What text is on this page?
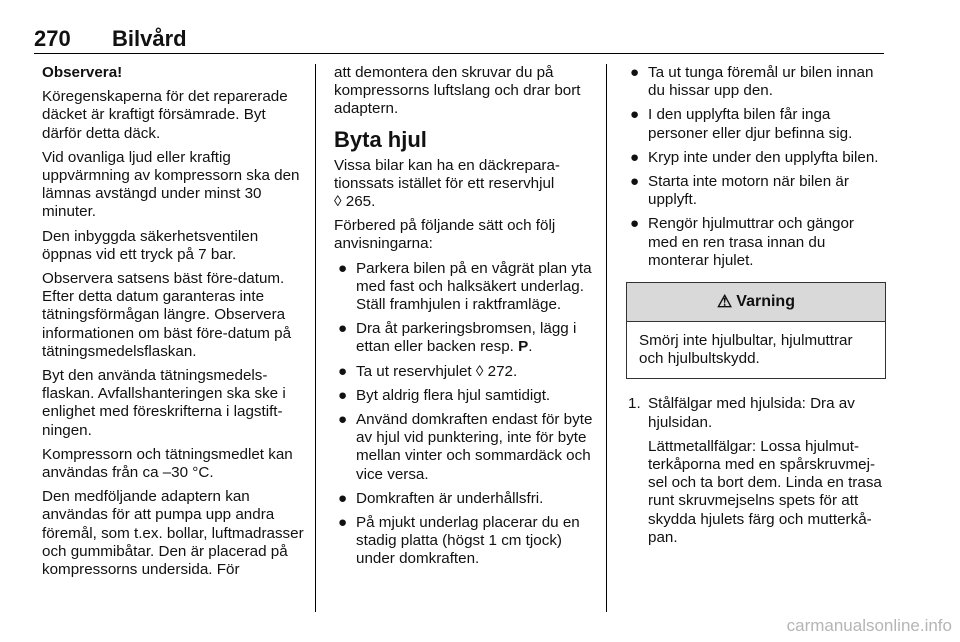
270 Bilvård

Observera!

Köregenskaperna för det reparerade däcket är kraftigt försämrade. Byt därför detta däck.

Vid ovanliga ljud eller kraftig uppvärmning av kompressorn ska den lämnas avstängd under minst 30 minuter.

Den inbyggda säkerhetsventilen öppnas vid ett tryck på 7 bar.

Observera satsens bäst före-datum. Efter detta datum garanteras inte tätningsförmågan längre. Observera informationen om bäst före-datum på tätningsmedelsflaskan.

Byt den använda tätningsmedelsflaskan. Avfallshanteringen ska ske i enlighet med föreskrifterna i lagstiftningen.

Kompressorn och tätningsmedlet kan användas från ca –30 °C.

Den medföljande adaptern kan användas för att pumpa upp andra föremål, som t.ex. bollar, luftmadrasser och gummibåtar. Den är placerad på kompressorns undersida. För

att demontera den skruvar du på kompressorns luftslang och drar bort adaptern.

Byta hjul

Vissa bilar kan ha en däckreparationssats istället för ett reservhjul
◊ 265.

Förbered på följande sätt och följ anvisningarna:

● Parkera bilen på en vågrät plan yta med fast och halksäkert underlag. Ställ framhjulen i raktframläge.
● Dra åt parkeringsbromsen, lägg i ettan eller backen resp. P.
● Ta ut reservhjulet ◊ 272.
● Byt aldrig flera hjul samtidigt.
● Använd domkraften endast för byte av hjul vid punktering, inte för byte mellan vinter och sommardäck och vice versa.
● Domkraften är underhållsfri.
● På mjukt underlag placerar du en stadig platta (högst 1 cm tjock) under domkraften.
● Ta ut tunga föremål ur bilen innan du hissar upp den.
● I den upplyfta bilen får inga personer eller djur befinna sig.
● Kryp inte under den upplyfta bilen.
● Starta inte motorn när bilen är upplyft.
● Rengör hjulmuttrar och gängor med en ren trasa innan du monterar hjulet.
⚠ Varning
Smörj inte hjulbultar, hjulmuttrar och hjulbultskydd.
1. Stålfälgar med hjulsida: Dra av hjulsidan.

Lättmetallfälgar: Lossa hjulmutterkåporna med en spårskruvmejsel och ta bort dem. Linda en trasa runt skruvmejselns spets för att skydda hjulets färg och mutterkåpan.

carmanualsonline.info
